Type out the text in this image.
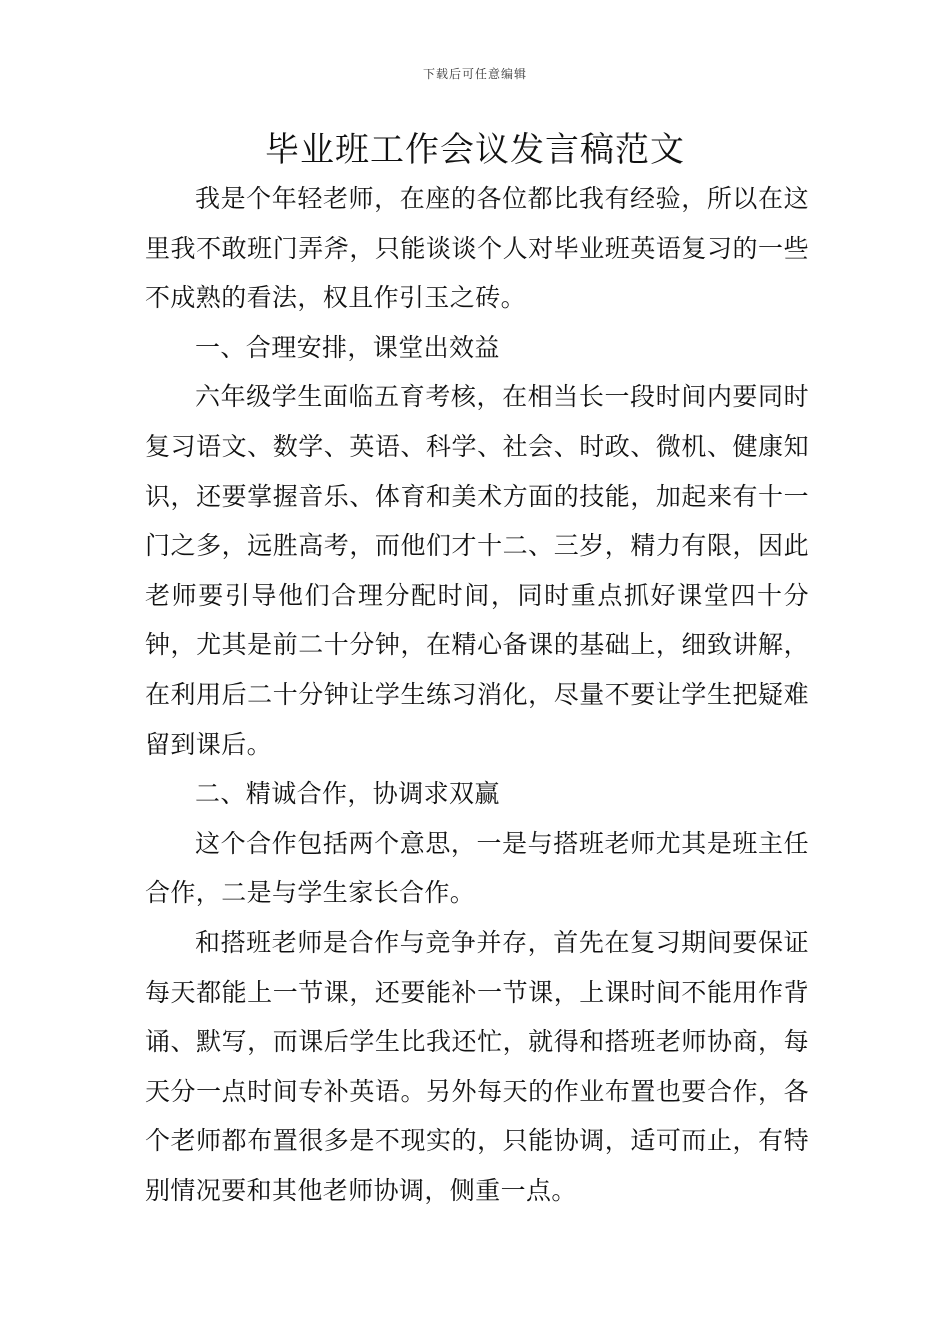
下载后可任意编辑
毕业班工作会议发言稿范文

我是个年轻老师，在座的各位都比我有经验，所以在这里我不敢班门弄斧，只能谈谈个人对毕业班英语复习的一些不成熟的看法，权且作引玉之砖。

一、合理安排，课堂出效益

六年级学生面临五育考核，在相当长一段时间内要同时复习语文、数学、英语、科学、社会、时政、微机、健康知识，还要掌握音乐、体育和美术方面的技能，加起来有十一门之多，远胜高考，而他们才十二、三岁，精力有限，因此老师要引导他们合理分配时间，同时重点抓好课堂四十分钟，尤其是前二十分钟，在精心备课的基础上，细致讲解，在利用后二十分钟让学生练习消化，尽量不要让学生把疑难留到课后。

二、精诚合作，协调求双赢

这个合作包括两个意思，一是与搭班老师尤其是班主任合作，二是与学生家长合作。

和搭班老师是合作与竞争并存，首先在复习期间要保证每天都能上一节课，还要能补一节课，上课时间不能用作背诵、默写，而课后学生比我还忙，就得和搭班老师协商，每天分一点时间专补英语。另外每天的作业布置也要合作，各个老师都布置很多是不现实的，只能协调，适可而止，有特别情况要和其他老师协调，侧重一点。
